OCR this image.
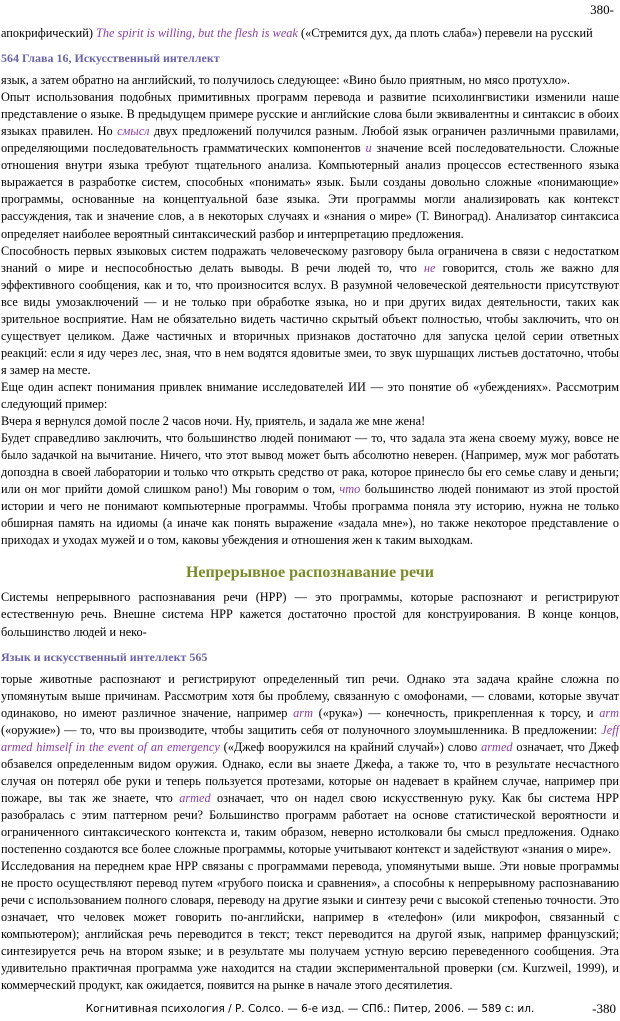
380-

апокрифический) The spirit is willing, but the flesh is weak («Стремится дух, да плоть слаба») перевели на русский

564 Глава 16, Искусственный интеллект

язык, а затем обратно на английский, то получилось следующее: «Вино было приятным, но мясо протухло».

Опыт использования подобных примитивных программ перевода и развитие психолингвистики изменили наше представление о языке. В предыдущем примере русские и английские слова были эквивалентны и синтаксис в обоих языках правилен. Но смысл двух предложений получился разным. Любой язык ограничен различными правилами, определяющими последовательность грамматических компонентов и значение всей последовательности. Сложные отношения внутри языка требуют тщательного анализа. Компьютерный анализ процессов естественного языка выражается в разработке систем, способных «понимать» язык. Были созданы довольно сложные «понимающие» программы, основанные на концептуальной базе языка. Эти программы могли анализировать как контекст рассуждения, так и значение слов, а в некоторых случаях и «знания о мире» (Т. Виноград). Анализатор синтаксиса определяет наиболее вероятный синтаксический разбор и интерпретацию предложения.

Способность первых языковых систем подражать человеческому разговору была ограничена в связи с недостатком знаний о мире и неспособностью делать выводы. В речи людей то, что не говорится, столь же важно для эффективного сообщения, как и то, что произносится вслух. В разумной человеческой деятельности присутствуют все виды умозаключений — и не только при обработке языка, но и при других видах деятельности, таких как зрительное восприятие. Нам не обязательно видеть частично скрытый объект полностью, чтобы заключить, что он существует целиком. Даже частичных и вторичных признаков достаточно для запуска целой серии ответных реакций: если я иду через лес, зная, что в нем водятся ядовитые змеи, то звук шуршащих листьев достаточно, чтобы я замер на месте.

Еще один аспект понимания привлек внимание исследователей ИИ — это понятие об «убеждениях». Рассмотрим следующий пример:

Вчера я вернулся домой после 2 часов ночи. Ну, приятель, и задала же мне жена!

Будет справедливо заключить, что большинство людей понимают — то, что задала эта жена своему мужу, вовсе не было задачкой на вычитание. Ничего, что этот вывод может быть абсолютно неверен. (Например, муж мог работать допоздна в своей лаборатории и только что открыть средство от рака, которое принесло бы его семье славу и деньги; или он мог прийти домой слишком рано!) Мы говорим о том, что большинство людей понимают из этой простой истории и чего не понимают компьютерные программы. Чтобы программа поняла эту историю, нужна не только обширная память на идиомы (а иначе как понять выражение «задала мне»), но также некоторое представление о приходах и уходах мужей и о том, каковы убеждения и отношения жен к таким выходкам.

Непрерывное распознавание речи

Системы непрерывного распознавания речи (НРР) — это программы, которые распознают и регистрируют естественную речь. Внешне система НРР кажется достаточно простой для конструирования. В конце концов, большинство людей и неко-

Язык и искусственный интеллект 565

торые животные распознают и регистрируют определенный тип речи. Однако эта задача крайне сложна по упомянутым выше причинам. Рассмотрим хотя бы проблему, связанную с омофонами, — словами, которые звучат одинаково, но имеют различное значение, например arm («рука») — конечность, прикрепленная к торсу, и arm («оружие») — то, что вы производите, чтобы защитить себя от полуночного злоумышленника. В предложении: Jeff armed himself in the event of an emergency («Джеф вооружился на крайний случай») слово armed означает, что Джеф обзавелся определенным видом оружия. Однако, если вы знаете Джефа, а также то, что в результате несчастного случая он потерял обе руки и теперь пользуется протезами, которые он надевает в крайнем случае, например при пожаре, вы так же знаете, что armed означает, что он надел свою искусственную руку. Как бы система НРР разобралась с этим паттерном речи? Большинство программ работает на основе статистической вероятности и ограниченного синтаксического контекста и, таким образом, неверно истолковали бы смысл предложения. Однако постепенно создаются все более сложные программы, которые учитывают контекст и задействуют «знания о мире».

Исследования на переднем крае НРР связаны с программами перевода, упомянутыми выше. Эти новые программы не просто осуществляют перевод путем «грубого поиска и сравнения», а способны к непрерывному распознаванию речи с использованием полного словаря, переводу на другие языки и синтезу речи с высокой степенью точности. Это означает, что человек может говорить по-английски, например в «телефон» (или микрофон, связанный с компьютером); английская речь переводится в текст; текст переводится на другой язык, например французский; синтезируется речь на втором языке; и в результате мы получаем устную версию переведенного сообщения. Эта удивительно практичная программа уже находится на стадии экспериментальной проверки (см. Kurzweil, 1999), и коммерческий продукт, как ожидается, появится на рынке в начале этого десятилетия.

Когнитивная психология / Р. Солсо. — 6-е изд. — СПб.: Питер, 2006. — 589 с: ил.	-380
